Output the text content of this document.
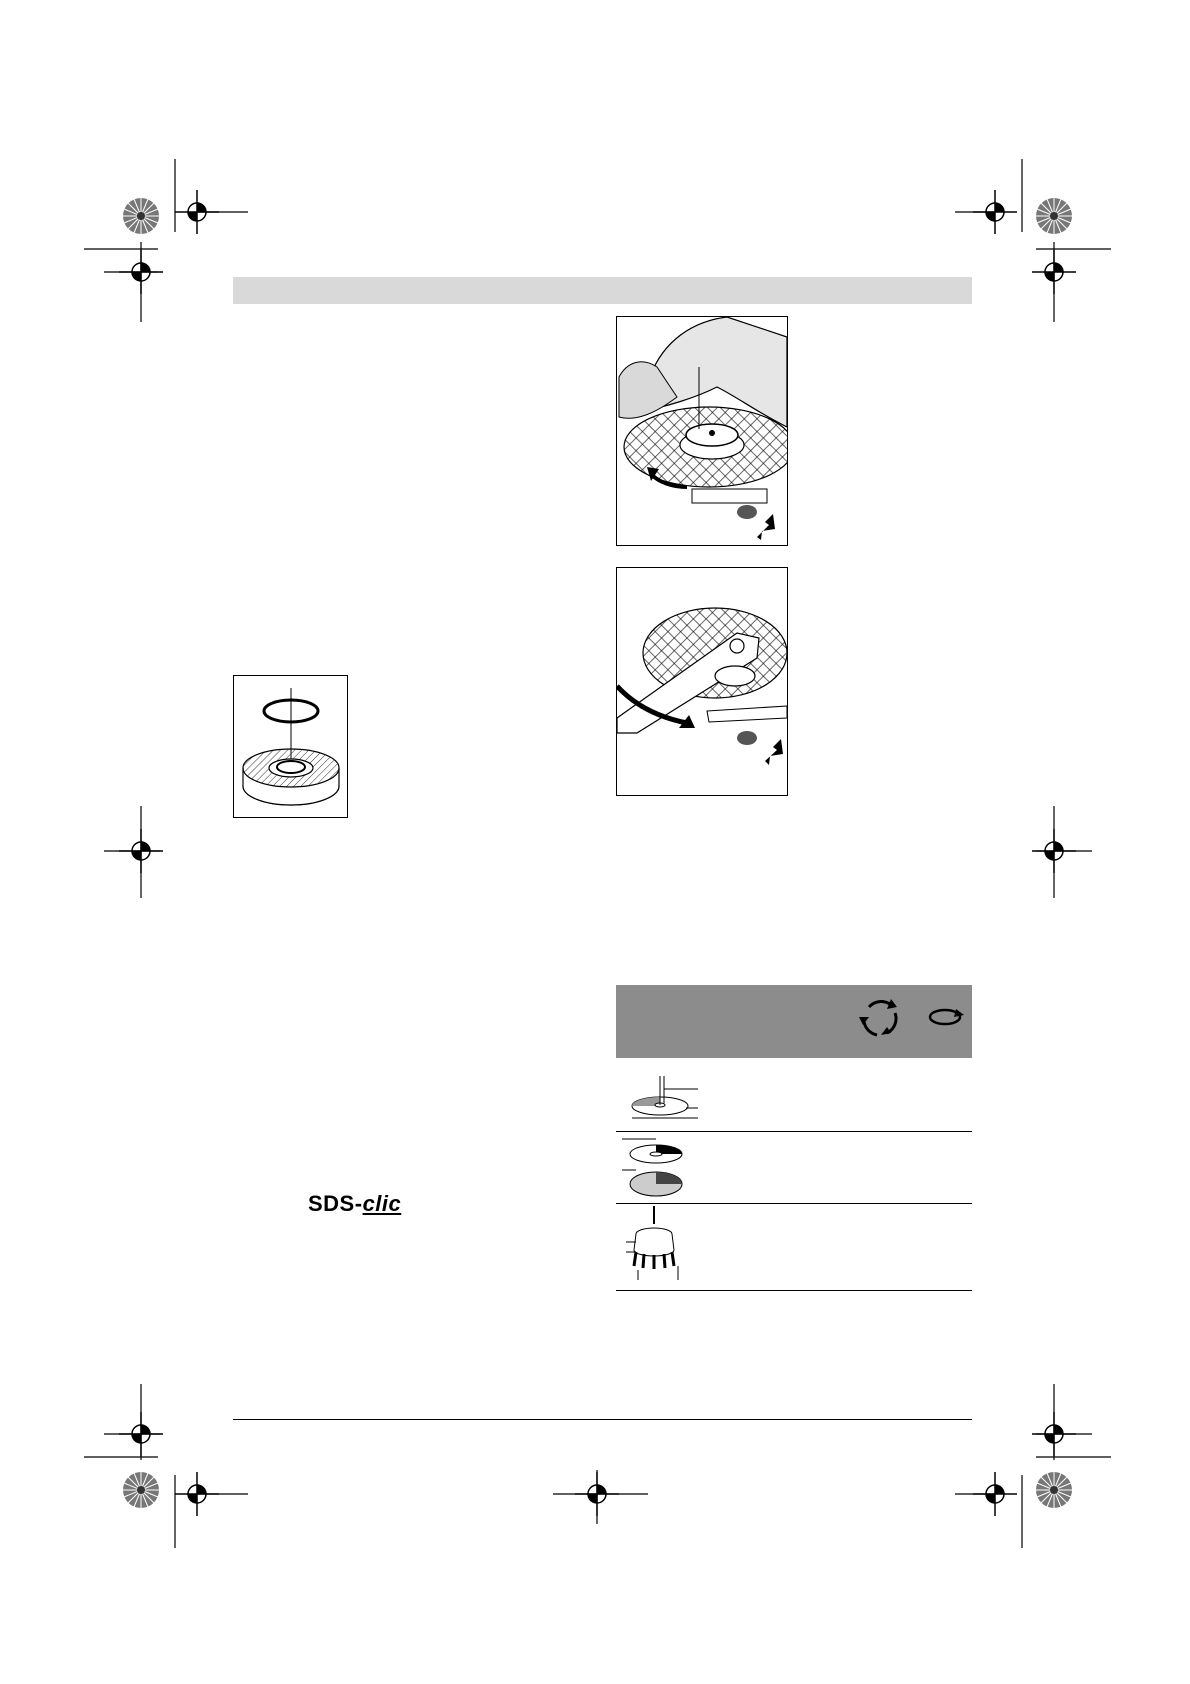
SDS-clic
